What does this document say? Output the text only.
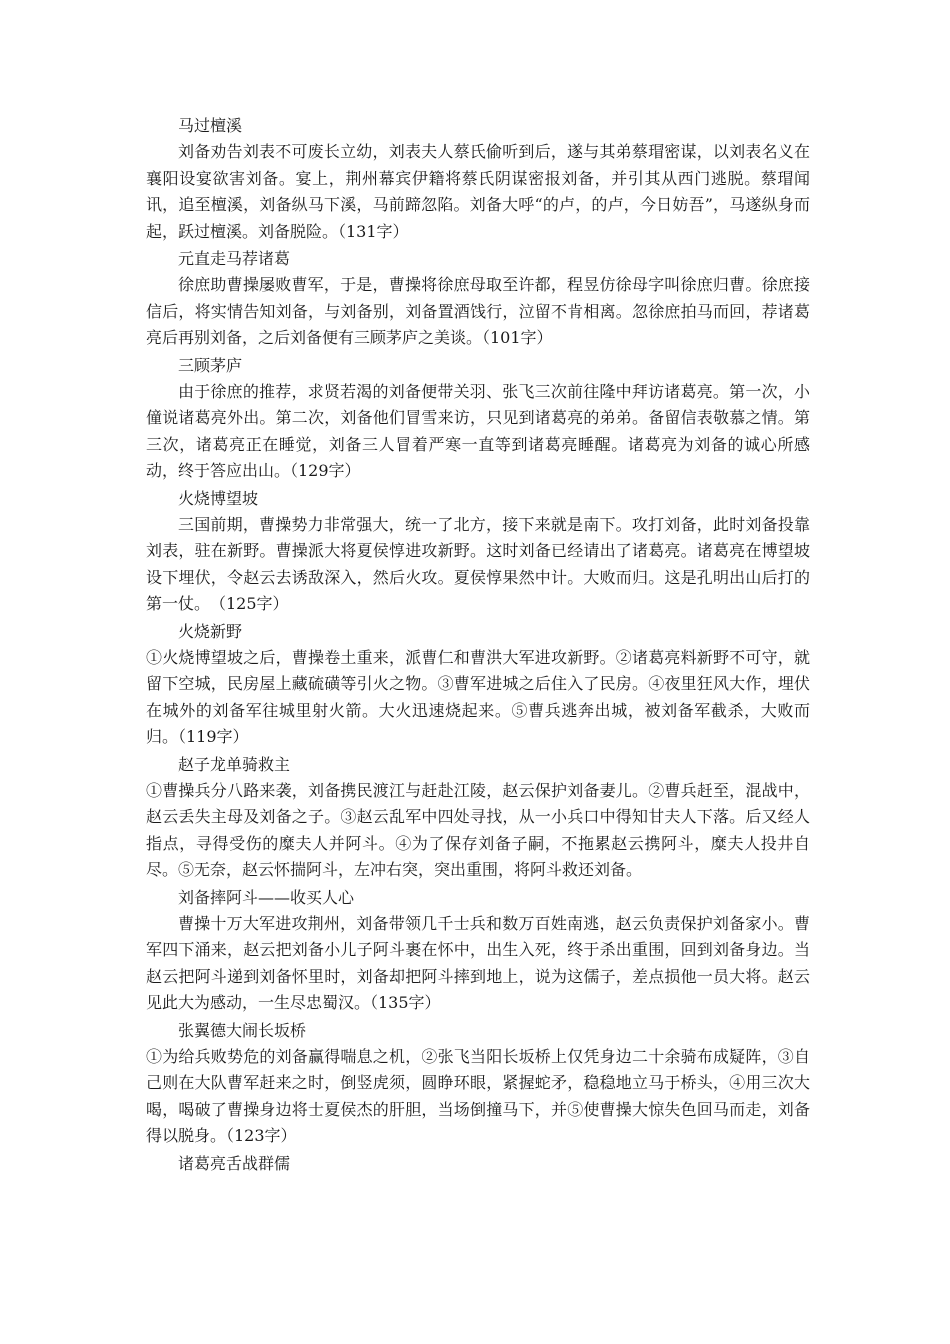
马过檀溪

刘备劝告刘表不可废长立幼，刘表夫人蔡氏偷听到后，遂与其弟蔡瑁密谋，以刘表名义在襄阳设宴欲害刘备。宴上，荆州幕宾伊籍将蔡氏阴谋密报刘备，并引其从西门逃脱。蔡瑁闻讯，追至檀溪，刘备纵马下溪，马前蹄忽陷。刘备大呼“的卢，的卢，今日妨吾”，马遂纵身而起，跃过檀溪。刘备脱险。（131字）

元直走马荐诸葛

徐庶助曹操屡败曹军，于是，曹操将徐庶母取至许都，程昱仿徐母字叫徐庶归曹。徐庶接信后，将实情告知刘备，与刘备别，刘备置酒饯行，泣留不肯相离。忽徐庶拍马而回，荐诸葛亮后再别刘备，之后刘备便有三顾茅庐之美谈。（101字）

三顾茅庐

由于徐庶的推荐，求贤若渴的刘备便带关羽、张飞三次前往隆中拜访诸葛亮。第一次，小僮说诸葛亮外出。第二次，刘备他们冒雪来访，只见到诸葛亮的弟弟。备留信表敬慕之情。第三次，诸葛亮正在睡觉，刘备三人冒着严寒一直等到诸葛亮睡醒。诸葛亮为刘备的诚心所感动，终于答应出山。（129字）

火烧博望坡

三国前期，曹操势力非常强大，统一了北方，接下来就是南下。攻打刘备，此时刘备投靠刘表，驻在新野。曹操派大将夏侯惇进攻新野。这时刘备已经请出了诸葛亮。诸葛亮在博望坡设下埋伏，令赵云去诱敌深入，然后火攻。夏侯惇果然中计。大败而归。这是孔明出山后打的第一仗。　（125字）

火烧新野

①火烧博望坡之后，曹操卷土重来，派曹仁和曹洪大军进攻新野。②诸葛亮料新野不可守，就留下空城，民房屋上藏硫磺等引火之物。③曹军进城之后住入了民房。④夜里狂风大作，埋伏在城外的刘备军往城里射火箭。大火迅速烧起来。⑤曹兵逃奔出城，被刘备军截杀，大败而归。（119字）

赵子龙单骑救主

①曹操兵分八路来袭，刘备携民渡江与赶赴江陵，赵云保护刘备妻儿。②曹兵赶至，混战中，赵云丢失主母及刘备之子。③赵云乱军中四处寻找，从一小兵口中得知甘夫人下落。后又经人指点，寻得受伤的糜夫人并阿斗。④为了保存刘备子嗣，不拖累赵云携阿斗，糜夫人投井自尽。⑤无奈，赵云怀揣阿斗，左冲右突，突出重围，将阿斗救还刘备。

刘备摔阿斗——收买人心

曹操十万大军进攻荆州，刘备带领几千士兵和数万百姓南逃，赵云负责保护刘备家小。曹军四下涌来，赵云把刘备小儿子阿斗裹在怀中，出生入死，终于杀出重围，回到刘备身边。当赵云把阿斗递到刘备怀里时，刘备却把阿斗摔到地上，说为这儒子，差点损他一员大将。赵云见此大为感动，一生尽忠蜀汉。（135字）

张翼德大闹长坂桥

①为给兵败势危的刘备赢得喘息之机，②张飞当阳长坂桥上仅凭身边二十余骑布成疑阵，③自己则在大队曹军赶来之时，倒竖虎须，圆睁环眼，紧握蛇矛，稳稳地立马于桥头，④用三次大喝，喝破了曹操身边将士夏侯杰的肝胆，当场倒撞马下，并⑤使曹操大惊失色回马而走，刘备得以脱身。（123字）

诸葛亮舌战群儒
